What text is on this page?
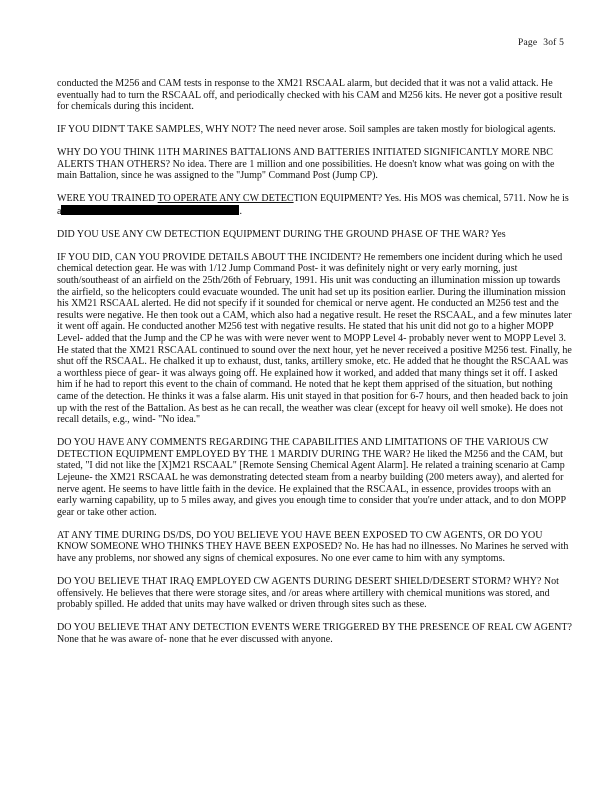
Page 3of 5

conducted the M256 and CAM tests in response to the XM21 RSCAAL alarm, but decided that it was not a valid attack. He eventually had to turn the RSCAAL off, and periodically checked with his CAM and M256 kits. He never got a positive result for chemicals during this incident.

IF YOU DIDN'T TAKE SAMPLES, WHY NOT? The need never arose. Soil samples are taken mostly for biological agents.

WHY DO YOU THINK 11TH MARINES BATTALIONS AND BATTERIES INITIATED SIGNIFICANTLY MORE NBC ALERTS THAN OTHERS? No idea. There are 1 million and one possibilities. He doesn't know what was going on with the main Battalion, since he was assigned to the "Jump" Command Post (Jump CP).

WERE YOU TRAINED TO OPERATE ANY CW DETECTION EQUIPMENT? Yes. His MOS was chemical, 5711. Now he is a	.

DID YOU USE ANY CW DETECTION EQUIPMENT DURING THE GROUND PHASE OF THE WAR? Yes

IF YOU DID, CAN YOU PROVIDE DETAILS ABOUT THE INCIDENT? He remembers one incident during which he used chemical detection gear. He was with 1/12 Jump Command Post- it was definitely night or very early morning, just south/southeast of an airfield on the 25th/26th of February, 1991. His unit was conducting an illumination mission up towards the airfield, so the helicopters could evacuate wounded. The unit had set up its position earlier. During the illumination mission his XM21 RSCAAL alerted. He did not specify if it sounded for chemical or nerve agent. He conducted an M256 test and the results were negative. He then took out a CAM, which also had a negative result. He reset the RSCAAL, and a few minutes later it went off again. He conducted another M256 test with negative results. He stated that his unit did not go to a higher MOPP Level- added that the Jump and the CP he was with were never went to MOPP Level 4- probably never went to MOPP Level 3. He stated that the XM21 RSCAAL continued to sound over the next hour, yet he never received a positive M256 test. Finally, he shut off the RSCAAL. He chalked it up to exhaust, dust, tanks, artillery smoke, etc. He added that he thought the RSCAAL was a worthless piece of gear- it was always going off. He explained how it worked, and added that many things set it off. I asked him if he had to report this event to the chain of command. He noted that he kept them apprised of the situation, but nothing came of the detection. He thinks it was a false alarm. His unit stayed in that position for 6-7 hours, and then headed back to join up with the rest of the Battalion. As best as he can recall, the weather was clear (except for heavy oil well smoke). He does not recall details, e.g., wind- "No idea."

DO YOU HAVE ANY COMMENTS REGARDING THE CAPABILITIES AND LIMITATIONS OF THE VARIOUS CW DETECTION EQUIPMENT EMPLOYED BY THE 1 MARDIV DURING THE WAR? He liked the M256 and the CAM, but stated, "I did not like the [X]M21 RSCAAL" [Remote Sensing Chemical Agent Alarm]. He related a training scenario at Camp Lejeune- the XM21 RSCAAL he was demonstrating detected steam from a nearby building (200 meters away), and alerted for nerve agent. He seems to have little faith in the device. He explained that the RSCAAL, in essence, provides troops with an early warning capability, up to 5 miles away, and gives you enough time to consider that you're under attack, and to don MOPP gear or take other action.

AT ANY TIME DURING DS/DS, DO YOU BELIEVE YOU HAVE BEEN EXPOSED TO CW AGENTS, OR DO YOU KNOW SOMEONE WHO THINKS THEY HAVE BEEN EXPOSED? No. He has had no illnesses. No Marines he served with have any problems, nor showed any signs of chemical exposures. No one ever came to him with any symptoms.

DO YOU BELIEVE THAT IRAQ EMPLOYED CW AGENTS DURING DESERT SHIELD/DESERT STORM? WHY? Not offensively. He believes that there were storage sites, and /or areas where artillery with chemical munitions was stored, and probably spilled. He added that units may have walked or driven through sites such as these.

DO YOU BELIEVE THAT ANY DETECTION EVENTS WERE TRIGGERED BY THE PRESENCE OF REAL CW AGENT? None that he was aware of- none that he ever discussed with anyone.
